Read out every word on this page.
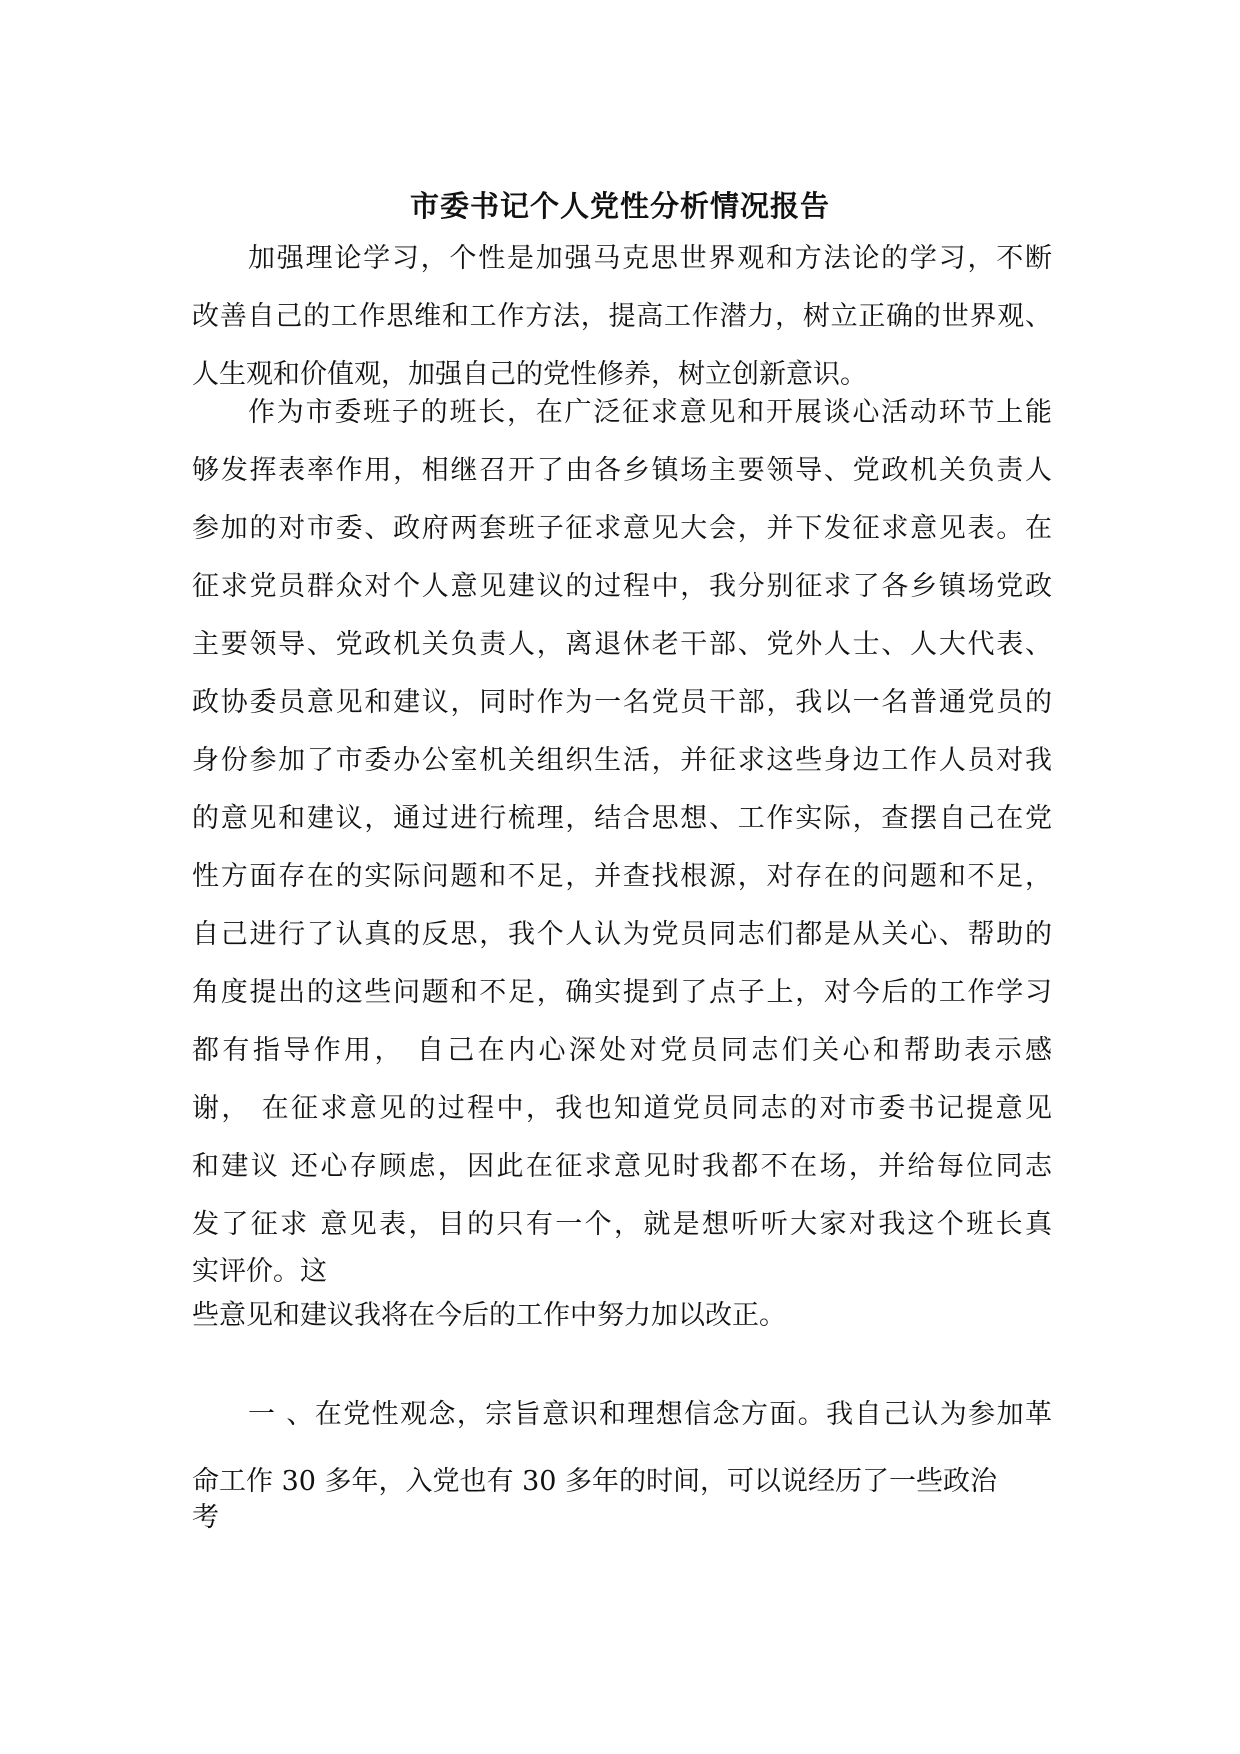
市委书记个人党性分析情况报告
加强理论学习，个性是加强马克思世界观和方法论的学习，不断
改善自己的工作思维和工作方法，提高工作潜力，树立正确的世界观、
人生观和价值观，加强自己的党性修养，树立创新意识。
作为市委班子的班长，在广泛征求意见和开展谈心活动环节上能
够发挥表率作用，相继召开了由各乡镇场主要领导、党政机关负责人
参加的对市委、政府两套班子征求意见大会，并下发征求意见表。在
征求党员群众对个人意见建议的过程中，我分别征求了各乡镇场党政
主要领导、党政机关负责人，离退休老干部、党外人士、人大代表、
政协委员意见和建议，同时作为一名党员干部，我以一名普通党员的
身份参加了市委办公室机关组织生活，并征求这些身边工作人员对我
的意见和建议，通过进行梳理，结合思想、工作实际，查摆自己在党
性方面存在的实际问题和不足，并查找根源，对存在的问题和不足，
自己进行了认真的反思，我个人认为党员同志们都是从关心、帮助的
角度提出的这些问题和不足，确实提到了点子上，对今后的工作学习
都有指导作用， 自己在内心深处对党员同志们关心和帮助表示感
谢， 在征求意见的过程中，我也知道党员同志的对市委书记提意见
和建议 还心存顾虑，因此在征求意见时我都不在场，并给每位同志
发了征求 意见表，目的只有一个，就是想听听大家对我这个班长真
实评价。这
些意见和建议我将在今后的工作中努力加以改正。
一 、在党性观念，宗旨意识和理想信念方面。我自己认为参加革
命工作 30 多年，入党也有 30 多年的时间，可以说经历了一些政治
考
